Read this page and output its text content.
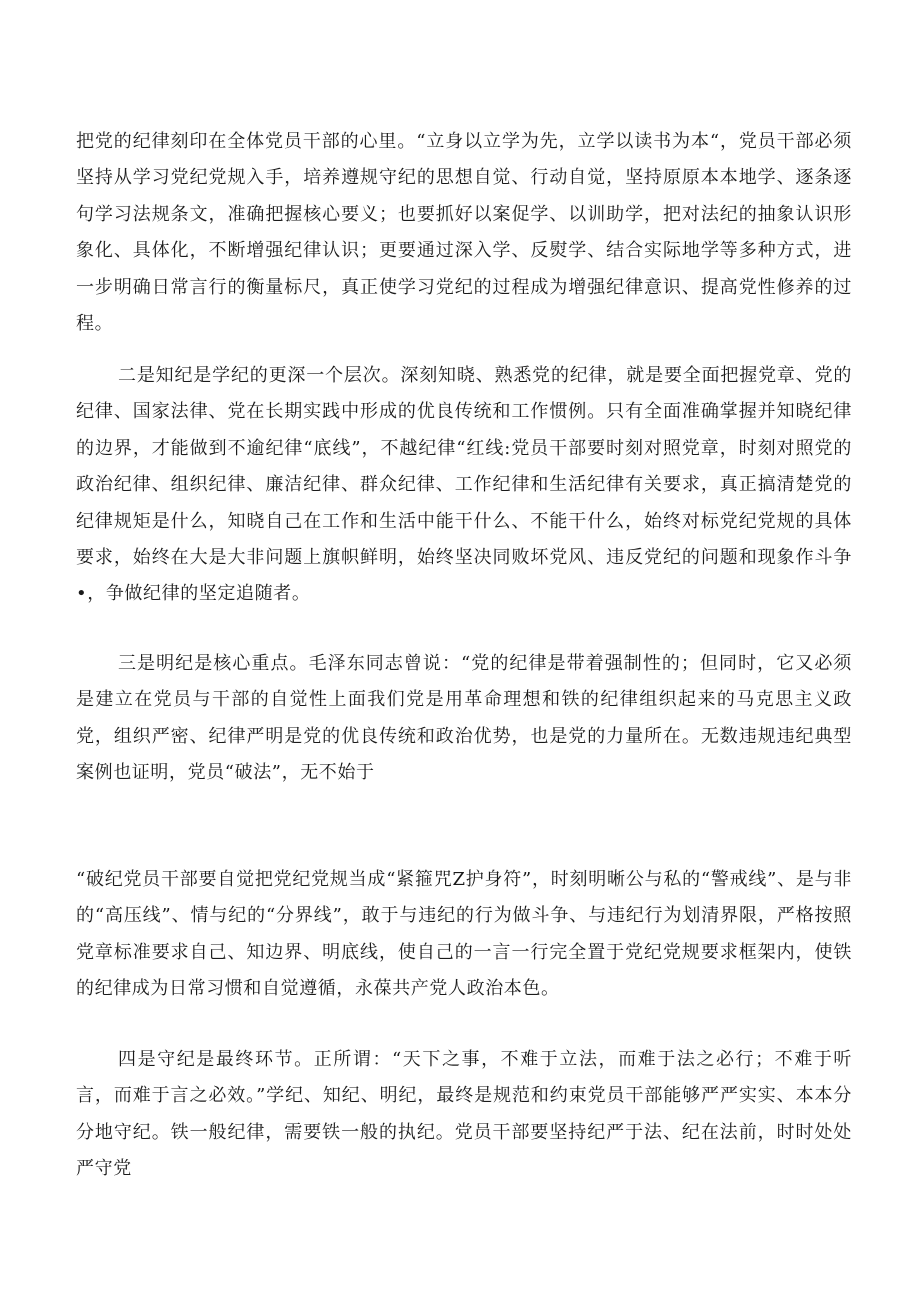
把党的纪律刻印在全体党员干部的心里。“立身以立学为先，立学以读书为本“，党员干部必须坚持从学习党纪党规入手，培养遵规守纪的思想自觉、行动自觉，坚持原原本本地学、逐条逐句学习法规条文，准确把握核心要义；也要抓好以案促学、以训助学，把对法纪的抽象认识形象化、具体化，不断增强纪律认识；更要通过深入学、反熨学、结合实际地学等多种方式，进一步明确日常言行的衡量标尺，真正使学习党纪的过程成为增强纪律意识、提高党性修养的过程。

二是知纪是学纪的更深一个层次。深刻知晓、熟悉党的纪律，就是要全面把握党章、党的纪律、国家法律、党在长期实践中形成的优良传统和工作惯例。只有全面准确掌握并知晓纪律的边界，才能做到不逾纪律“底线”，不越纪律“红线:党员干部要时刻对照党章，时刻对照党的政治纪律、组织纪律、廉洁纪律、群众纪律、工作纪律和生活纪律有关要求，真正搞清楚党的纪律规矩是什么，知晓自己在工作和生活中能干什么、不能干什么，始终对标党纪党规的具体要求，始终在大是大非问题上旗帜鲜明，始终坚决同败坏党风、违反党纪的问题和现象作斗争•，争做纪律的坚定追随者。

三是明纪是核心重点。毛泽东同志曾说：“党的纪律是带着强制性的；但同时，它又必须是建立在党员与干部的自觉性上面我们党是用革命理想和铁的纪律组织起来的马克思主义政党，组织严密、纪律严明是党的优良传统和政治优势，也是党的力量所在。无数违规违纪典型案例也证明，党员“破法”，无不始于

“破纪党员干部要自觉把党纪党规当成“紧箍咒Z护身符”，时刻明晰公与私的“警戒线”、是与非的“高压线”、情与纪的“分界线”，敢于与违纪的行为做斗争、与违纪行为划清界限，严格按照党章标准要求自己、知边界、明底线，使自己的一言一行完全置于党纪党规要求框架内，使铁的纪律成为日常习惯和自觉遵循，永葆共产党人政治本色。

四是守纪是最终环节。正所谓：“天下之事，不难于立法，而难于法之必行；不难于听言，而难于言之必效。”学纪、知纪、明纪，最终是规范和约束党员干部能够严严实实、本本分分地守纪。铁一般纪律，需要铁一般的执纪。党员干部要坚持纪严于法、纪在法前，时时处处严守党
